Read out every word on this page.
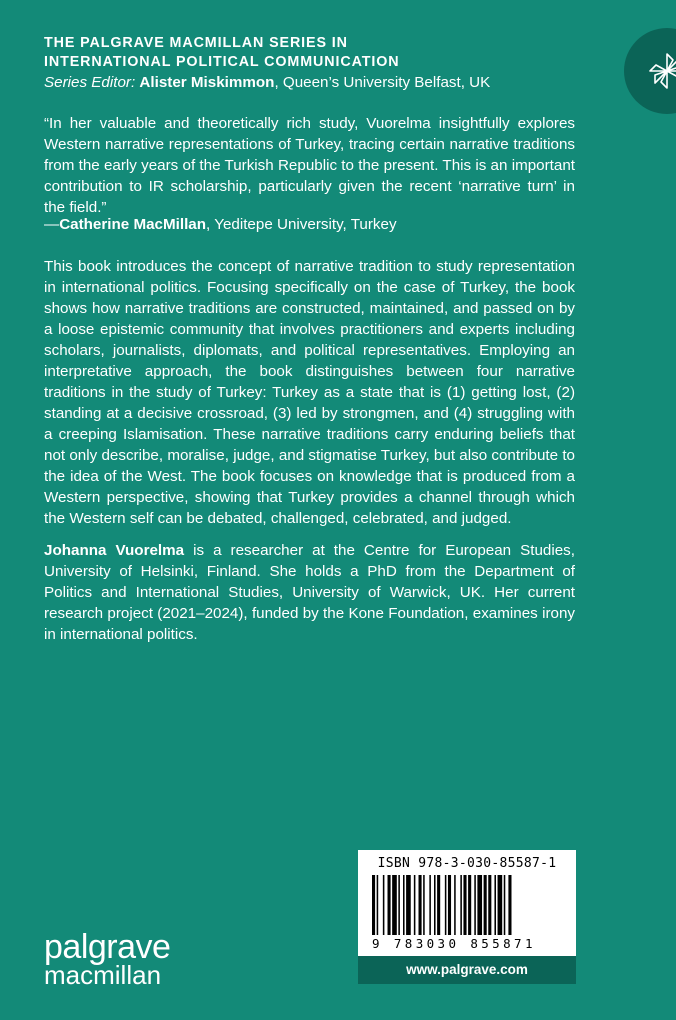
THE PALGRAVE MACMILLAN SERIES IN
INTERNATIONAL POLITICAL COMMUNICATION
Series Editor: Alister Miskimmon, Queen’s University Belfast, UK

“In her valuable and theoretically rich study, Vuorelma insightfully explores Western narrative representations of Turkey, tracing certain narrative traditions from the early years of the Turkish Republic to the present. This is an important contribution to IR scholarship, particularly given the recent ‘narrative turn’ in the field.”

—Catherine MacMillan, Yeditepe University, Turkey

This book introduces the concept of narrative tradition to study representation in international politics. Focusing specifically on the case of Turkey, the book shows how narrative traditions are constructed, maintained, and passed on by a loose epistemic community that involves practitioners and experts including scholars, journalists, diplomats, and political representatives. Employing an interpretative approach, the book distinguishes between four narrative traditions in the study of Turkey: Turkey as a state that is (1) getting lost, (2) standing at a decisive crossroad, (3) led by strongmen, and (4) struggling with a creeping Islamisation. These narrative traditions carry enduring beliefs that not only describe, moralise, judge, and stigmatise Turkey, but also contribute to the idea of the West. The book focuses on knowledge that is produced from a Western perspective, showing that Turkey provides a channel through which the Western self can be debated, challenged, celebrated, and judged.

Johanna Vuorelma is a researcher at the Centre for European Studies, University of Helsinki, Finland. She holds a PhD from the Department of Politics and International Studies, University of Warwick, UK. Her current research project (2021–2024), funded by the Kone Foundation, examines irony in international politics.

palgrave
macmillan
ISBN 978-3-030-85587-1
9 783030 855871
www.palgrave.com
